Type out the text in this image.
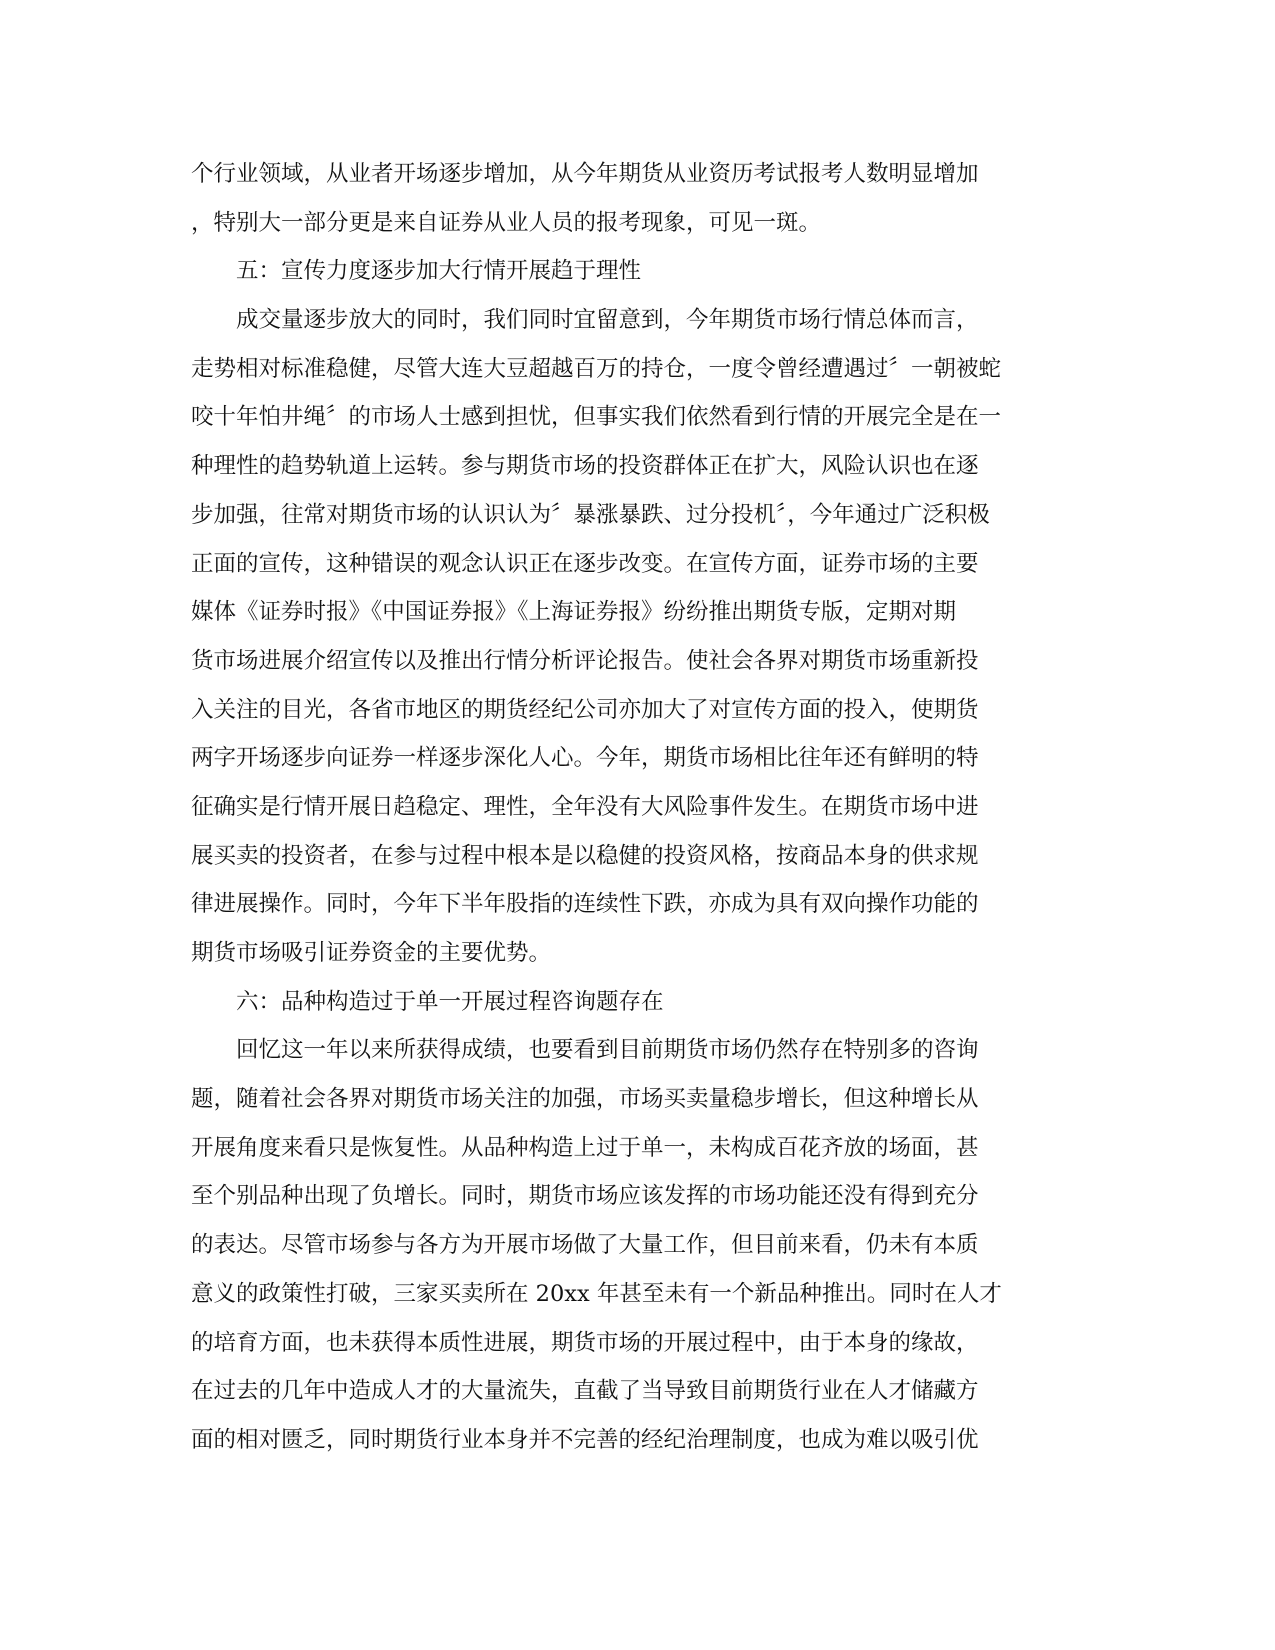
个行业领域，从业者开场逐步增加，从今年期货从业资历考试报考人数明显增加
，特别大一部分更是来自证券从业人员的报考现象，可见一斑。
五：宣传力度逐步加大行情开展趋于理性
成交量逐步放大的同时，我们同时宜留意到，今年期货市场行情总体而言，
走势相对标准稳健，尽管大连大豆超越百万的持仓，一度令曾经遭遇过〞一朝被蛇
咬十年怕井绳〞的市场人士感到担忧，但事实我们依然看到行情的开展完全是在一
种理性的趋势轨道上运转。参与期货市场的投资群体正在扩大，风险认识也在逐
步加强，往常对期货市场的认识认为〞暴涨暴跌、过分投机〞，今年通过广泛积极
正面的宣传，这种错误的观念认识正在逐步改变。在宣传方面，证券市场的主要
媒体《证券时报》《中国证券报》《上海证券报》纷纷推出期货专版，定期对期
货市场进展介绍宣传以及推出行情分析评论报告。使社会各界对期货市场重新投
入关注的目光，各省市地区的期货经纪公司亦加大了对宣传方面的投入，使期货
两字开场逐步向证券一样逐步深化人心。今年，期货市场相比往年还有鲜明的特
征确实是行情开展日趋稳定、理性，全年没有大风险事件发生。在期货市场中进
展买卖的投资者，在参与过程中根本是以稳健的投资风格，按商品本身的供求规
律进展操作。同时，今年下半年股指的连续性下跌，亦成为具有双向操作功能的
期货市场吸引证券资金的主要优势。
六：品种构造过于单一开展过程咨询题存在
回忆这一年以来所获得成绩，也要看到目前期货市场仍然存在特别多的咨询
题，随着社会各界对期货市场关注的加强，市场买卖量稳步增长，但这种增长从
开展角度来看只是恢复性。从品种构造上过于单一，未构成百花齐放的场面，甚
至个别品种出现了负增长。同时，期货市场应该发挥的市场功能还没有得到充分
的表达。尽管市场参与各方为开展市场做了大量工作，但目前来看，仍未有本质
意义的政策性打破，三家买卖所在 20xx 年甚至未有一个新品种推出。同时在人才
的培育方面，也未获得本质性进展，期货市场的开展过程中，由于本身的缘故，
在过去的几年中造成人才的大量流失，直截了当导致目前期货行业在人才储藏方
面的相对匮乏，同时期货行业本身并不完善的经纪治理制度，也成为难以吸引优
